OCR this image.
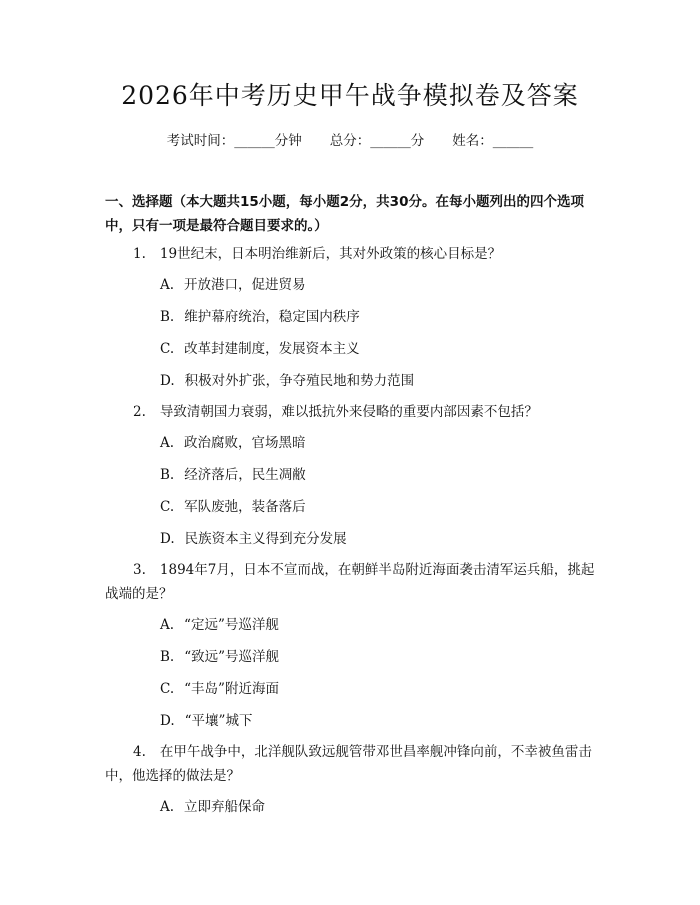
2026年中考历史甲午战争模拟卷及答案
考试时间：______分钟 总分：______分 姓名：______
一、选择题（本大题共15小题，每小题2分，共30分。在每小题列出的四个选项中，只有一项是最符合题目要求的。）
1. 19世纪末，日本明治维新后，其对外政策的核心目标是？
A. 开放港口，促进贸易
B. 维护幕府统治，稳定国内秩序
C. 改革封建制度，发展资本主义
D. 积极对外扩张，争夺殖民地和势力范围
2. 导致清朝国力衰弱，难以抵抗外来侵略的重要内部因素不包括？
A. 政治腐败，官场黑暗
B. 经济落后，民生凋敝
C. 军队废弛，装备落后
D. 民族资本主义得到充分发展
3. 1894年7月，日本不宣而战，在朝鲜半岛附近海面袭击清军运兵船，挑起战端的是？
A. “定远”号巡洋舰
B. “致远”号巡洋舰
C. “丰岛”附近海面
D. “平壤”城下
4. 在甲午战争中，北洋舰队致远舰管带邓世昌率舰冲锋向前，不幸被鱼雷击中，他选择的做法是？
A. 立即弃船保命
